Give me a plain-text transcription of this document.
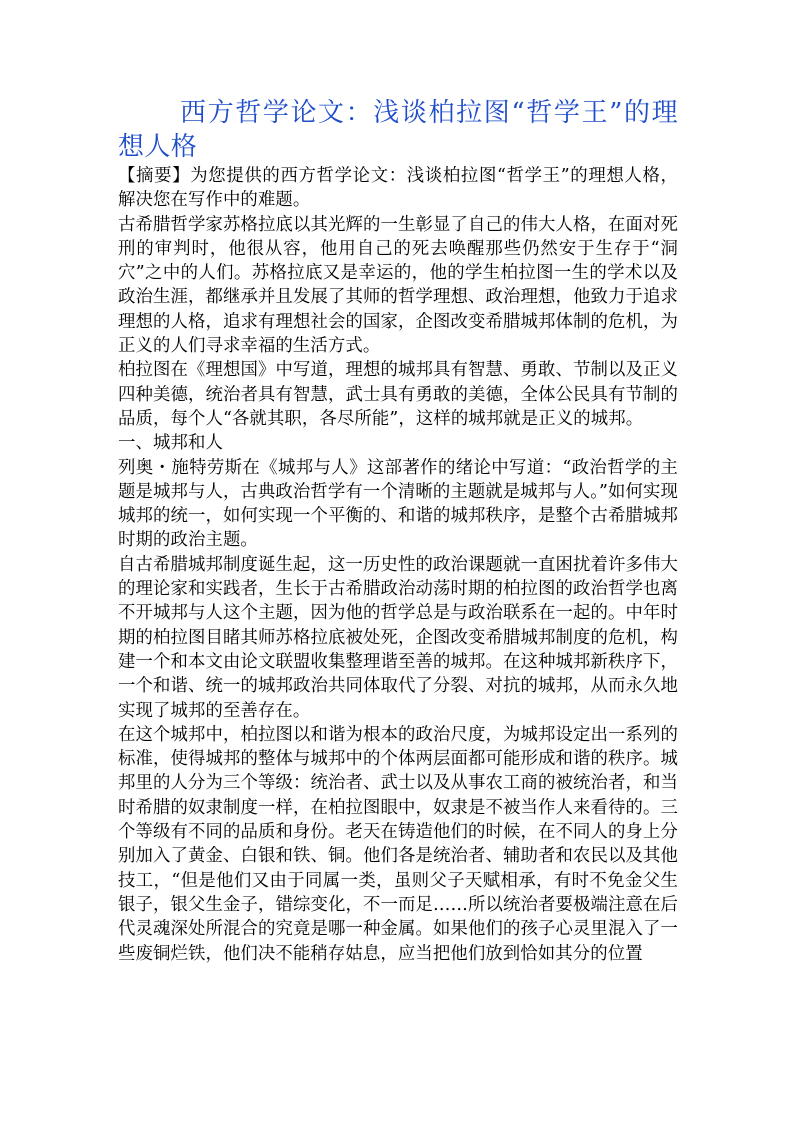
西方哲学论文：浅谈柏拉图“哲学王”的理想人格

【摘要】为您提供的西方哲学论文：浅谈柏拉图“哲学王”的理想人格，解决您在写作中的难题。

古希腊哲学家苏格拉底以其光辉的一生彰显了自己的伟大人格，在面对死刑的审判时，他很从容，他用自己的死去唤醒那些仍然安于生存于“洞穴”之中的人们。苏格拉底又是幸运的，他的学生柏拉图一生的学术以及政治生涯，都继承并且发展了其师的哲学理想、政治理想，他致力于追求理想的人格，追求有理想社会的国家，企图改变希腊城邦体制的危机，为正义的人们寻求幸福的生活方式。

柏拉图在《理想国》中写道，理想的城邦具有智慧、勇敢、节制以及正义四种美德，统治者具有智慧，武士具有勇敢的美德，全体公民具有节制的品质，每个人“各就其职，各尽所能”，这样的城邦就是正义的城邦。

一、城邦和人

列奥・施特劳斯在《城邦与人》这部著作的绪论中写道：“政治哲学的主题是城邦与人，古典政治哲学有一个清晰的主题就是城邦与人。”如何实现城邦的统一，如何实现一个平衡的、和谐的城邦秩序，是整个古希腊城邦时期的政治主题。

自古希腊城邦制度诞生起，这一历史性的政治课题就一直困扰着许多伟大的理论家和实践者，生长于古希腊政治动荡时期的柏拉图的政治哲学也离不开城邦与人这个主题，因为他的哲学总是与政治联系在一起的。中年时期的柏拉图目睹其师苏格拉底被处死，企图改变希腊城邦制度的危机，构建一个和本文由论文联盟收集整理谐至善的城邦。在这种城邦新秩序下，一个和谐、统一的城邦政治共同体取代了分裂、对抗的城邦，从而永久地实现了城邦的至善存在。

在这个城邦中，柏拉图以和谐为根本的政治尺度，为城邦设定出一系列的标准，使得城邦的整体与城邦中的个体两层面都可能形成和谐的秩序。城邦里的人分为三个等级：统治者、武士以及从事农工商的被统治者，和当时希腊的奴隶制度一样，在柏拉图眼中，奴隶是不被当作人来看待的。三个等级有不同的品质和身份。老天在铸造他们的时候，在不同人的身上分别加入了黄金、白银和铁、铜。他们各是统治者、辅助者和农民以及其他技工，“但是他们又由于同属一类，虽则父子天赋相承，有时不免金父生银子，银父生金子，错综变化，不一而足……所以统治者要极端注意在后代灵魂深处所混合的究竟是哪一种金属。如果他们的孩子心灵里混入了一些废铜烂铁，他们决不能稍存姑息，应当把他们放到恰如其分的位置
